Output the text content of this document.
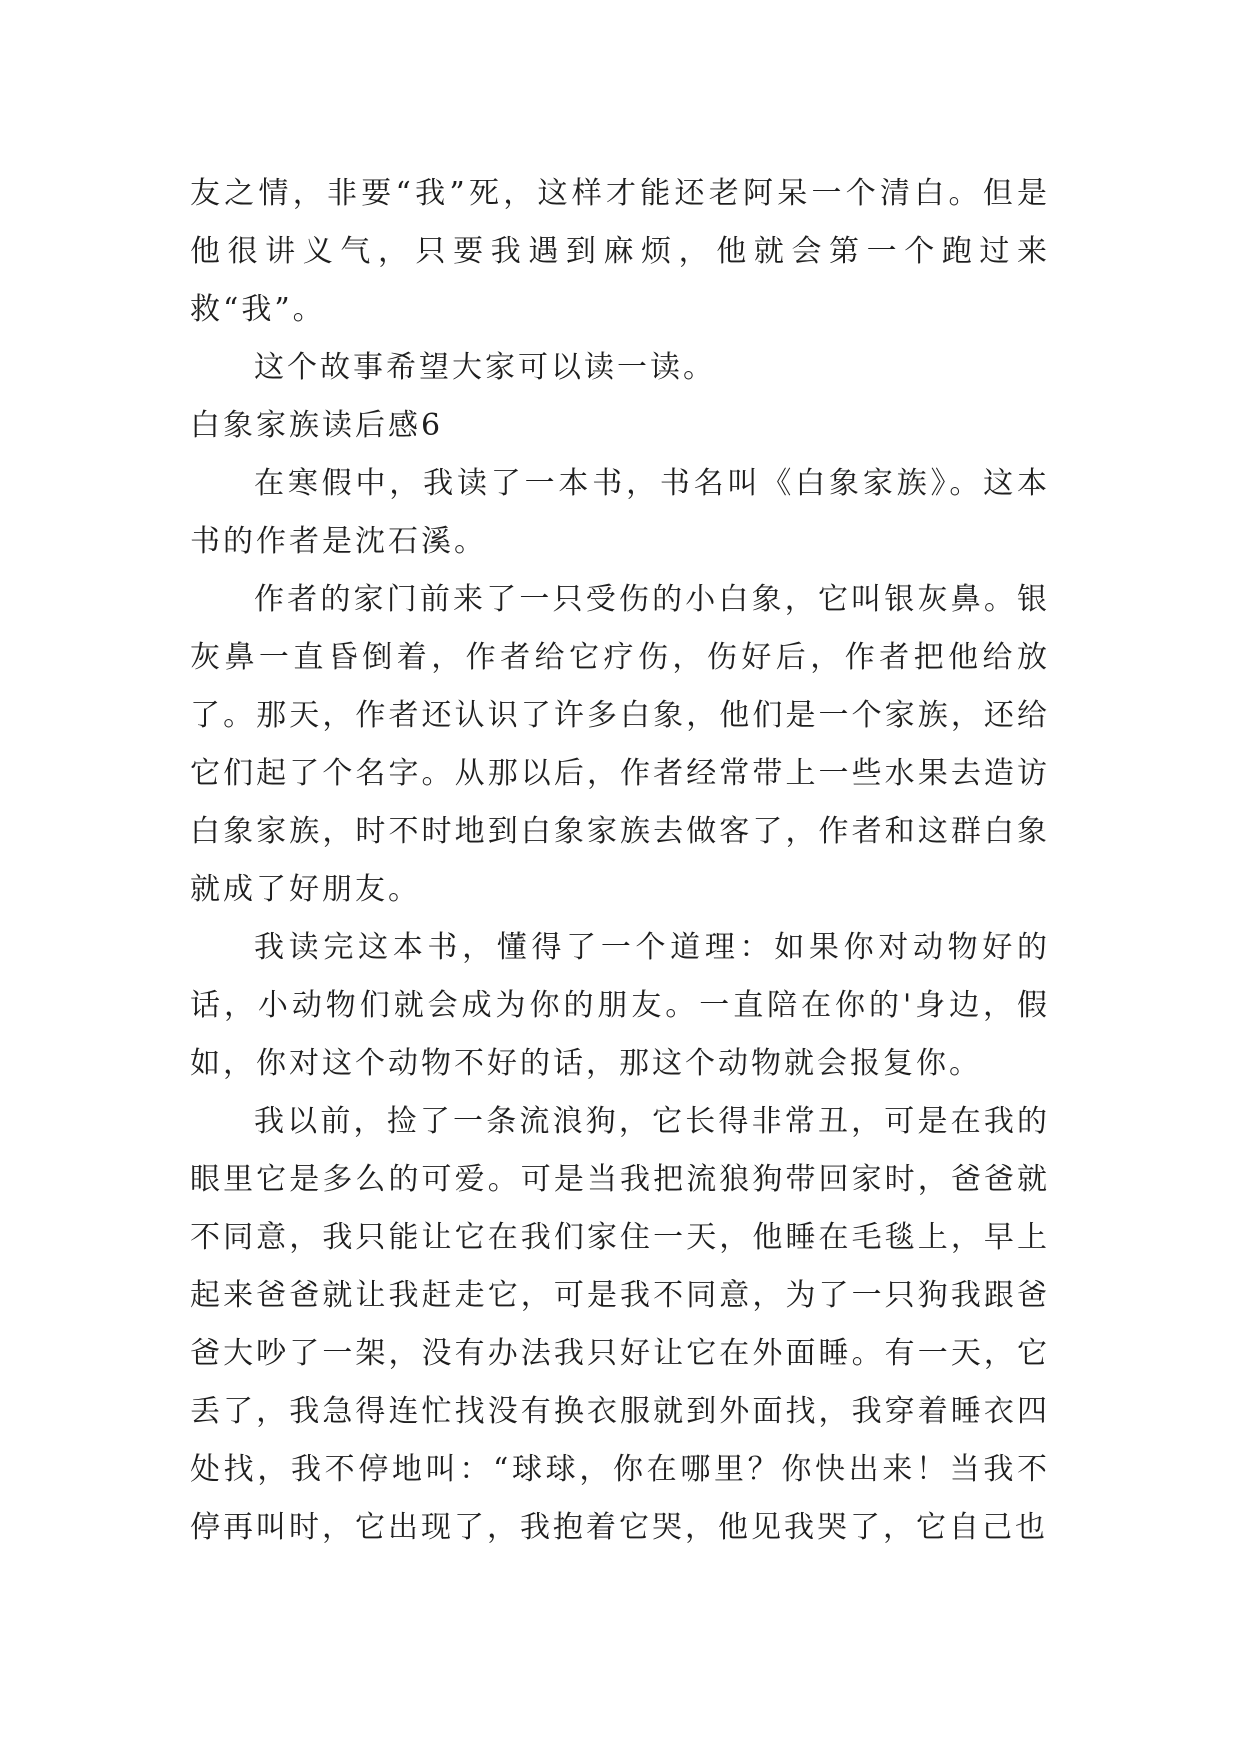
友之情，非要“我”死，这样才能还老阿呆一个清白。但是他很讲义气，只要我遇到麻烦，他就会第一个跑过来救“我”。

这个故事希望大家可以读一读。

白象家族读后感6

在寒假中，我读了一本书，书名叫《白象家族》。这本书的作者是沈石溪。

作者的家门前来了一只受伤的小白象，它叫银灰鼻。银灰鼻一直昏倒着，作者给它疗伤，伤好后，作者把他给放了。那天，作者还认识了许多白象，他们是一个家族，还给它们起了个名字。从那以后，作者经常带上一些水果去造访白象家族，时不时地到白象家族去做客了，作者和这群白象就成了好朋友。

我读完这本书，懂得了一个道理：如果你对动物好的话，小动物们就会成为你的朋友。一直陪在你的'身边，假如，你对这个动物不好的话，那这个动物就会报复你。

我以前，捡了一条流浪狗，它长得非常丑，可是在我的眼里它是多么的可爱。可是当我把流狼狗带回家时，爸爸就不同意，我只能让它在我们家住一天，他睡在毛毯上，早上起来爸爸就让我赶走它，可是我不同意，为了一只狗我跟爸爸大吵了一架，没有办法我只好让它在外面睡。有一天，它丢了，我急得连忙找没有换衣服就到外面找，我穿着睡衣四处找，我不停地叫：“球球，你在哪里？你快出来！当我不停再叫时，它出现了，我抱着它哭，他见我哭了，它自己也
